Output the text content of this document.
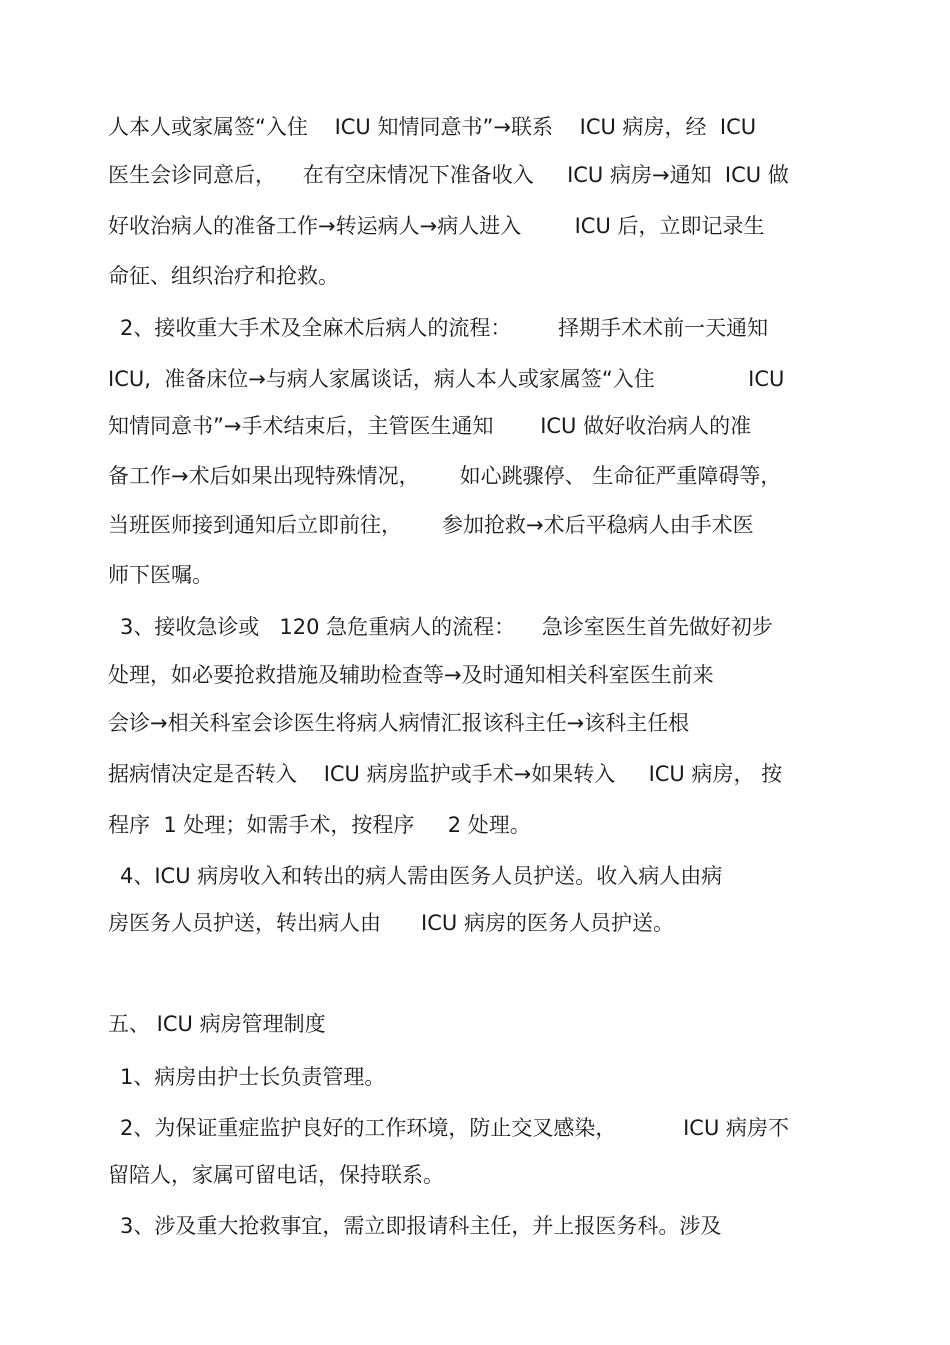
人本人或家属签“入住    ICU 知情同意书”→联系    ICU 病房，经  ICU
医生会诊同意后，    在有空床情况下准备收入     ICU 病房→通知  ICU 做
好收治病人的准备工作→转运病人→病人进入        ICU 后，立即记录生
命征、组织治疗和抢救。
2、接收重大手术及全麻术后病人的流程：       择期手术术前一天通知
ICU,  准备床位→与病人家属谈话，病人本人或家属签“入住              ICU
知情同意书”→手术结束后，主管医生通知       ICU 做好收治病人的准
备工作→术后如果出现特殊情况，      如心跳骤停、 生命征严重障碍等，
当班医师接到通知后立即前往，      参加抢救→术后平稳病人由手术医
师下医嘱。
3、接收急诊或   120 急危重病人的流程：    急诊室医生首先做好初步
处理，如必要抢救措施及辅助检查等→及时通知相关科室医生前来
会诊→相关科室会诊医生将病人病情汇报该科主任→该科主任根
据病情决定是否转入    ICU 病房监护或手术→如果转入     ICU 病房， 按
程序  1 处理；如需手术，按程序     2 处理。
4、ICU 病房收入和转出的病人需由医务人员护送。收入病人由病
房医务人员护送，转出病人由      ICU 病房的医务人员护送。
五、 ICU 病房管理制度
1、病房由护士长负责管理。
2、为保证重症监护良好的工作环境，防止交叉感染，          ICU 病房不
留陪人，家属可留电话，保持联系。
3、涉及重大抢救事宜，需立即报请科主任，并上报医务科。涉及
